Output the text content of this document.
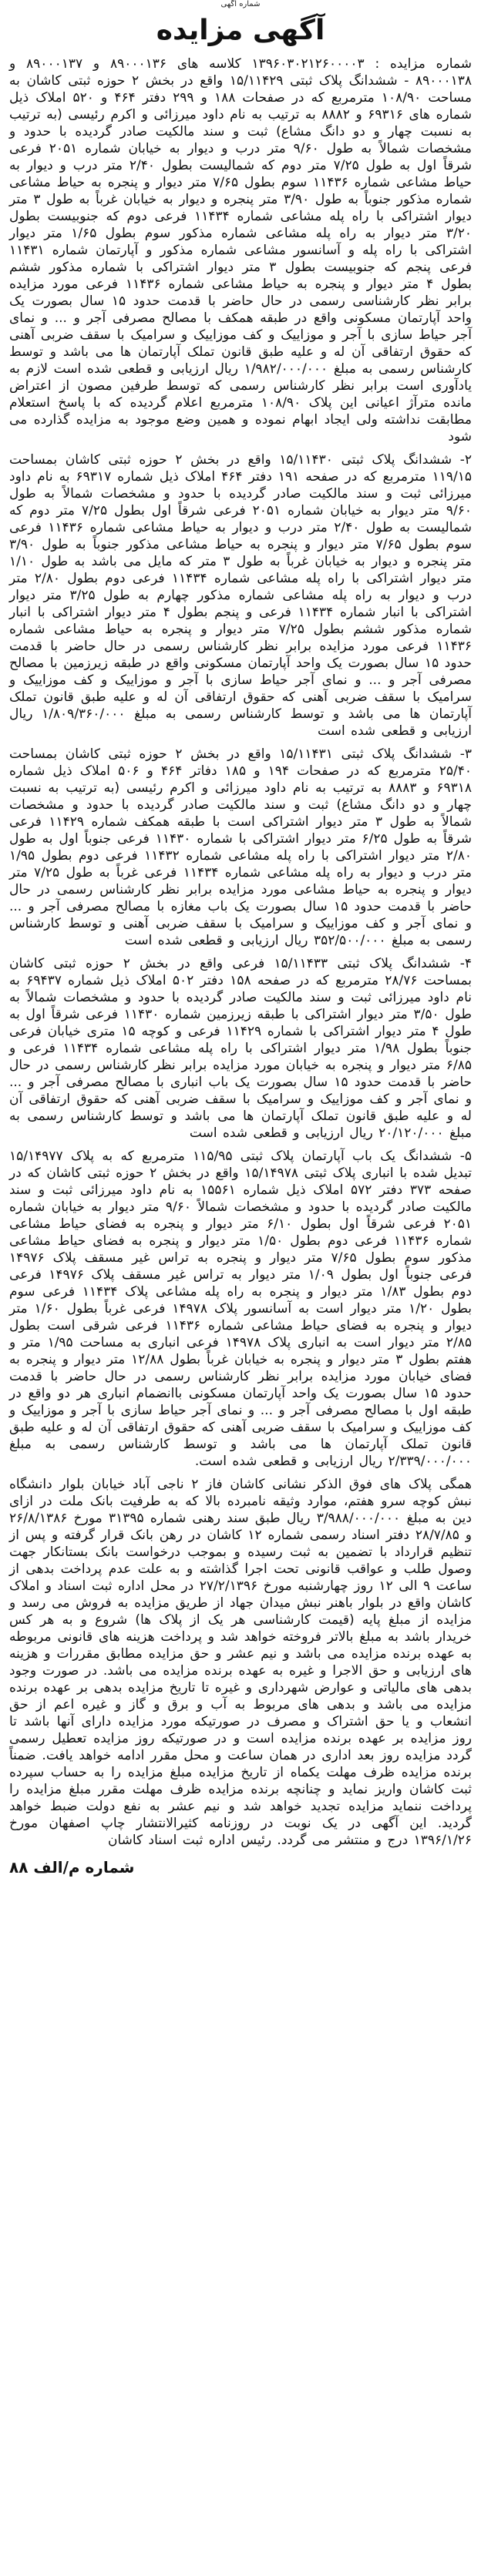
شماره آگهی
آگهی مزایده

شماره مزایده : ۱۳۹۶۰۳۰۲۱۲۶۰۰۰۰۳ کلاسه های ۸۹۰۰۰۱۳۶ و ۸۹۰۰۰۱۳۷ و ۸۹۰۰۰۱۳۸ - ششدانگ پلاک ثبتی ۱۵/۱۱۴۲۹ واقع در بخش ۲ حوزه ثبتی کاشان به مساحت ۱۰۸/۹۰ مترمربع که در صفحات ۱۸۸ و ۲۹۹ دفتر ۴۶۴ و ۵۲۰ املاک ذیل شماره های ۶۹۳۱۶ و ۸۸۸۲ به ترتیب به نام داود میرزائی و اکرم رئیسی (به ترتیب به نسبت چهار و دو دانگ مشاع) ثبت و سند مالکیت صادر گردیده با حدود و مشخصات شمالاً به طول ۹/۶۰ متر درب و دیوار به خیابان شماره ۲۰۵۱ فرعی شرقاً اول به طول ۷/۲۵ متر دوم که شمالیست بطول ۲/۴۰ متر درب و دیوار به حیاط مشاعی شماره ۱۱۴۳۶ سوم بطول ۷/۶۵ متر دیوار و پنجره به حیاط مشاعی شماره مذکور جنوباً به طول ۳/۹۰ متر پنجره و دیوار به خیابان غرباً به طول ۳ متر دیوار اشتراکی با راه پله مشاعی شماره ۱۱۴۳۴ فرعی دوم که جنوبیست بطول ۳/۲۰ متر دیوار به راه پله مشاعی شماره مذکور سوم بطول ۱/۶۵ متر دیوار اشتراکی با راه پله و آسانسور مشاعی شماره مذکور و آپارتمان شماره ۱۱۴۳۱ فرعی پنجم که جنوبیست بطول ۳ متر دیوار اشتراکی با شماره مذکور ششم بطول ۴ متر دیوار و پنجره به حیاط مشاعی شماره ۱۱۴۳۶ فرعی مورد مزایده برابر نظر کارشناسی رسمی در حال حاضر با قدمت حدود ۱۵ سال بصورت یک واحد آپارتمان مسکونی واقع در طبقه همکف با مصالح مصرفی آجر و ... و نمای آجر حیاط سازی با آجر و موزاییک و کف موزاییک و سرامیک با سقف ضربی آهنی که حقوق ارتفاقی آن له و علیه طبق قانون تملک آپارتمان ها می باشد و توسط کارشناس رسمی به مبلغ ۱/۹۸۲/۰۰۰/۰۰۰ ریال ارزیابی و قطعی شده است لازم به یادآوری است برابر نظر کارشناس رسمی که توسط طرفین مصون از اعتراض مانده مترآژ اعیانی این پلاک ۱۰۸/۹۰ مترمربع اعلام گردیده که با پاسخ استعلام مطابقت نداشته ولی ایجاد ابهام نموده و همین وضع موجود به مزایده گذارده می شود

۲- ششدانگ پلاک ثبتی ۱۵/۱۱۴۳۰ واقع در بخش ۲ حوزه ثبتی کاشان بمساحت ۱۱۹/۱۵ مترمربع که در صفحه ۱۹۱ دفتر ۴۶۴ املاک ذیل شماره ۶۹۳۱۷ به نام داود میرزائی ثبت و سند مالکیت صادر گردیده با حدود و مشخصات شمالاً به طول ۹/۶۰ متر دیوار به خیابان شماره ۲۰۵۱ فرعی شرقاً اول بطول ۷/۲۵ متر دوم که شمالیست به طول ۲/۴۰ متر درب و دیوار به حیاط مشاعی شماره ۱۱۴۳۶ فرعی سوم بطول ۷/۶۵ متر دیوار و پنجره به حیاط مشاعی مذکور جنوباً به طول ۳/۹۰ متر پنجره و دیوار به خیابان غرباً به طول ۳ متر که مایل می باشد به طول ۱/۱۰ متر دیوار اشتراکی با راه پله مشاعی شماره ۱۱۴۳۴ فرعی دوم بطول ۲/۸۰ متر درب و دیوار به راه پله مشاعی شماره مذکور چهارم به طول ۳/۲۵ متر دیوار اشتراکی با انبار شماره ۱۱۴۳۴ فرعی و پنجم بطول ۴ متر دیوار اشتراکی با انبار شماره مذکور ششم بطول ۷/۲۵ متر دیوار و پنجره به حیاط مشاعی شماره ۱۱۴۳۶ فرعی مورد مزایده برابر نظر کارشناس رسمی در حال حاضر با قدمت حدود ۱۵ سال بصورت یک واحد آپارتمان مسکونی واقع در طبقه زیرزمین با مصالح مصرفی آجر و ... و نمای آجر حیاط سازی با آجر و موزاییک و کف موزاییک و سرامیک با سقف ضربی آهنی که حقوق ارتفاقی آن له و علیه طبق قانون تملک آپارتمان ها می باشد و توسط کارشناس رسمی به مبلغ ۱/۸۰۹/۳۶۰/۰۰۰ ریال ارزیابی و قطعی شده است

۳- ششدانگ پلاک ثبتی ۱۵/۱۱۴۳۱ واقع در بخش ۲ حوزه ثبتی کاشان بمساحت ۲۵/۴۰ مترمربع که در صفحات ۱۹۴ و ۱۸۵ دفاتر ۴۶۴ و ۵۰۶ املاک ذیل شماره ۶۹۳۱۸ و ۸۸۸۳ به ترتیب به نام داود میرزائی و اکرم رئیسی (به ترتیب به نسبت چهار و دو دانگ مشاع) ثبت و سند مالکیت صادر گردیده با حدود و مشخصات شمالاً به طول ۳ متر دیوار اشتراکی است با طبقه همکف شماره ۱۱۴۲۹ فرعی شرقاً به طول ۶/۲۵ متر دیوار اشتراکی با شماره ۱۱۴۳۰ فرعی جنوباً اول به طول ۲/۸۰ متر دیوار اشتراکی با راه پله مشاعی شماره ۱۱۴۳۲ فرعی دوم بطول ۱/۹۵ متر درب و دیوار به راه پله مشاعی شماره ۱۱۴۳۴ فرعی غرباً به طول ۷/۲۵ متر دیوار و پنجره به حیاط مشاعی مورد مزایده برابر نظر کارشناس رسمی در حال حاضر با قدمت حدود ۱۵ سال بصورت یک باب مغازه با مصالح مصرفی آجر و ... و نمای آجر و کف موزاییک و سرامیک با سقف ضربی آهنی و توسط کارشناس رسمی به مبلغ ۳۵۲/۵۰۰/۰۰۰ ریال ارزیابی و قطعی شده است

۴- ششدانگ پلاک ثبتی ۱۵/۱۱۴۳۳ فرعی واقع در بخش ۲ حوزه ثبتی کاشان بمساحت ۲۸/۷۶ مترمربع که در صفحه ۱۵۸ دفتر ۵۰۲ املاک ذیل شماره ۶۹۴۳۷ به نام داود میرزائی ثبت و سند مالکیت صادر گردیده با حدود و مشخصات شمالاً به طول ۳/۵۰ متر دیوار اشتراکی با طبقه زیرزمین شماره ۱۱۴۳۰ فرعی شرقاً اول به طول ۴ متر دیوار اشتراکی با شماره ۱۱۴۲۹ فرعی و کوچه ۱۵ متری خیابان فرعی جنوباً بطول ۱/۹۸ متر دیوار اشتراکی با راه پله مشاعی شماره ۱۱۴۳۴ فرعی و ۶/۸۵ متر دیوار و پنجره به خیابان مورد مزایده برابر نظر کارشناس رسمی در حال حاضر با قدمت حدود ۱۵ سال بصورت یک باب انباری با مصالح مصرفی آجر و ... و نمای آجر و کف موزاییک و سرامیک با سقف ضربی آهنی که حقوق ارتفاقی آن له و علیه طبق قانون تملک آپارتمان ها می باشد و توسط کارشناس رسمی به مبلغ ۲۰/۱۲۰/۰۰۰ ریال ارزیابی و قطعی شده است

۵- ششدانگ یک باب آپارتمان پلاک ثبتی ۱۱۵/۹۵ مترمربع که به پلاک ۱۵/۱۴۹۷۷ تبدیل شده با انباری پلاک ثبتی ۱۵/۱۴۹۷۸ واقع در بخش ۲ حوزه ثبتی کاشان که در صفحه ۳۷۳ دفتر ۵۷۲ املاک ذیل شماره ۱۵۵۶۱ به نام داود میرزائی ثبت و سند مالکیت صادر گردیده با حدود و مشخصات شمالاً ۹/۶۰ متر دیوار به خیابان شماره ۲۰۵۱ فرعی شرقاً اول بطول ۶/۱۰ متر دیوار و پنجره به فضای حیاط مشاعی شماره ۱۱۴۳۶ فرعی دوم بطول ۱/۵۰ متر دیوار و پنجره به فضای حیاط مشاعی مذکور سوم بطول ۷/۶۵ متر دیوار و پنجره به تراس غیر مسقف پلاک ۱۴۹۷۶ فرعی جنوباً اول بطول ۱/۰۹ متر دیوار به تراس غیر مسقف پلاک ۱۴۹۷۶ فرعی دوم بطول ۱/۸۳ متر دیوار و پنجره به راه پله مشاعی پلاک ۱۱۴۳۴ فرعی سوم بطول ۱/۲۰ متر دیوار است به آسانسور پلاک ۱۴۹۷۸ فرعی غرباً بطول ۱/۶۰ متر دیوار و پنجره به فضای حیاط مشاعی شماره ۱۱۴۳۶ فرعی شرقی است بطول ۲/۸۵ متر دیوار است به انباری پلاک ۱۴۹۷۸ فرعی انباری به مساحت ۱/۹۵ متر و هفتم بطول ۳ متر دیوار و پنجره به خیابان غرباً بطول ۱۲/۸۸ متر دیوار و پنجره به فضای خیابان مورد مزایده برابر نظر کارشناس رسمی در حال حاضر با قدمت حدود ۱۵ سال بصورت یک واحد آپارتمان مسکونی باانضمام انباری هر دو واقع در طبقه اول با مصالح مصرفی آجر و ... و نمای آجر حیاط سازی با آجر و موزاییک و کف موزاییک و سرامیک با سقف ضربی آهنی که حقوق ارتفاقی آن له و علیه طبق قانون تملک آپارتمان ها می باشد و توسط کارشناس رسمی به مبلغ ۲/۳۳۹/۰۰۰/۰۰۰ ریال ارزیابی و قطعی شده است.

همگی پلاک های فوق الذکر نشانی کاشان فاز ۲ ناجی آباد خیابان بلوار دانشگاه نبش کوچه سرو هفتم، موارد وثیقه نامبرده بالا که به طرفیت بانک ملت در ازای دین به مبلغ ۳/۹۸۸/۰۰۰/۰۰۰ ریال طبق سند رهنی شماره ۳۱۳۹۵ مورخ ۲۶/۸/۱۳۸۶ و ۲۸/۷/۸۵ دفتر اسناد رسمی شماره ۱۲ کاشان در رهن بانک قرار گرفته و پس از تنظیم قرارداد با تضمین به ثبت رسیده و بموجب درخواست بانک بستانکار جهت وصول طلب و عواقب قانونی تحت اجرا گذاشته و به علت عدم پرداخت بدهی از ساعت ۹ الی ۱۲ روز چهارشنبه مورخ ۲۷/۲/۱۳۹۶ در محل اداره ثبت اسناد و املاک کاشان واقع در بلوار باهنر نبش میدان جهاد از طریق مزایده به فروش می رسد و مزایده از مبلغ پایه (قیمت کارشناسی هر یک از پلاک ها) شروع و به هر کس خریدار باشد به مبلغ بالاتر فروخته خواهد شد و پرداخت هزینه های قانونی مربوطه به عهده برنده مزایده می باشد و نیم عشر و حق مزایده مطابق مقررات و هزینه های ارزیابی و حق الاجرا و غیره به عهده برنده مزایده می باشد. در صورت وجود بدهی های مالیاتی و عوارض شهرداری و غیره تا تاریخ مزایده بدهی بر عهده برنده مزایده می باشد و بدهی های مربوط به آب و برق و گاز و غیره اعم از حق انشعاب و یا حق اشتراک و مصرف در صورتیکه مورد مزایده دارای آنها باشد تا روز مزایده بر عهده برنده مزایده است و در صورتیکه روز مزایده تعطیل رسمی گردد مزایده روز بعد اداری در همان ساعت و محل مقرر ادامه خواهد یافت. ضمناً برنده مزایده ظرف مهلت یکماه از تاریخ مزایده مبلغ مزایده را به حساب سپرده ثبت کاشان واریز نماید و چنانچه برنده مزایده ظرف مهلت مقرر مبلغ مزایده را پرداخت ننماید مزایده تجدید خواهد شد و نیم عشر به نفع دولت ضبط خواهد گردید. این آگهی در یک نوبت در روزنامه کثیرالانتشار چاپ اصفهان مورخ ۱۳۹۶/۱/۲۶ درج و منتشر می گردد. رئیس اداره ثبت اسناد کاشان

شماره م/الف ۸۸
